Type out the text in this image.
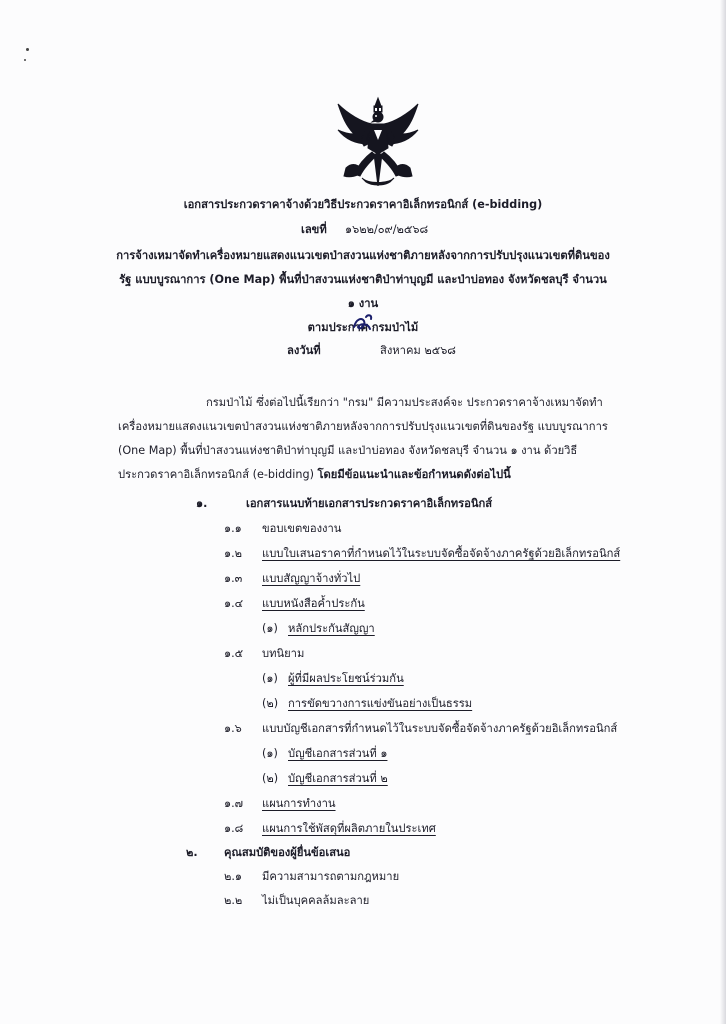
เอกสารประกวดราคาจ้างด้วยวิธีประกวดราคาอิเล็กทรอนิกส์ (e-bidding)
เลขที่ ๑๖๒๒/๐๙/๒๕๖๘
การจ้างเหมาจัดทำเครื่องหมายแสดงแนวเขตป่าสงวนแห่งชาติภายหลังจากการปรับปรุงแนวเขตที่ดินของ
รัฐ แบบบูรณาการ (One Map) พื้นที่ป่าสงวนแห่งชาติป่าท่าบุญมี และป่าบ่อทอง จังหวัดชลบุรี จำนวน
๑ งาน
ตามประกาศ กรมป่าไม้
ลงวันที่	สิงหาคม ๒๕๖๘
กรมป่าไม้ ซึ่งต่อไปนี้เรียกว่า "กรม" มีความประสงค์จะ ประกวดราคาจ้างเหมาจัดทำ
เครื่องหมายแสดงแนวเขตป่าสงวนแห่งชาติภายหลังจากการปรับปรุงแนวเขตที่ดินของรัฐ แบบบูรณาการ
(One Map) พื้นที่ป่าสงวนแห่งชาติป่าท่าบุญมี และป่าบ่อทอง จังหวัดชลบุรี จำนวน ๑ งาน ด้วยวิธี
ประกวดราคาอิเล็กทรอนิกส์ (e-bidding) โดยมีข้อแนะนำและข้อกำหนดดังต่อไปนี้
๑.	เอกสารแนบท้ายเอกสารประกวดราคาอิเล็กทรอนิกส์
๑.๑ ขอบเขตของงาน
๑.๒ แบบใบเสนอราคาที่กำหนดไว้ในระบบจัดซื้อจัดจ้างภาครัฐด้วยอิเล็กทรอนิกส์
๑.๓ แบบสัญญาจ้างทั่วไป
๑.๔ แบบหนังสือค้ำประกัน
(๑) หลักประกันสัญญา
๑.๕ บทนิยาม
(๑) ผู้ที่มีผลประโยชน์ร่วมกัน
(๒) การขัดขวางการแข่งขันอย่างเป็นธรรม
๑.๖ แบบบัญชีเอกสารที่กำหนดไว้ในระบบจัดซื้อจัดจ้างภาครัฐด้วยอิเล็กทรอนิกส์
(๑) บัญชีเอกสารส่วนที่ ๑
(๒) บัญชีเอกสารส่วนที่ ๒
๑.๗ แผนการทำงาน
๑.๘ แผนการใช้พัสดุที่ผลิตภายในประเทศ
๒. คุณสมบัติของผู้ยื่นข้อเสนอ
๒.๑ มีความสามารถตามกฎหมาย
๒.๒ ไม่เป็นบุคคลล้มละลาย
